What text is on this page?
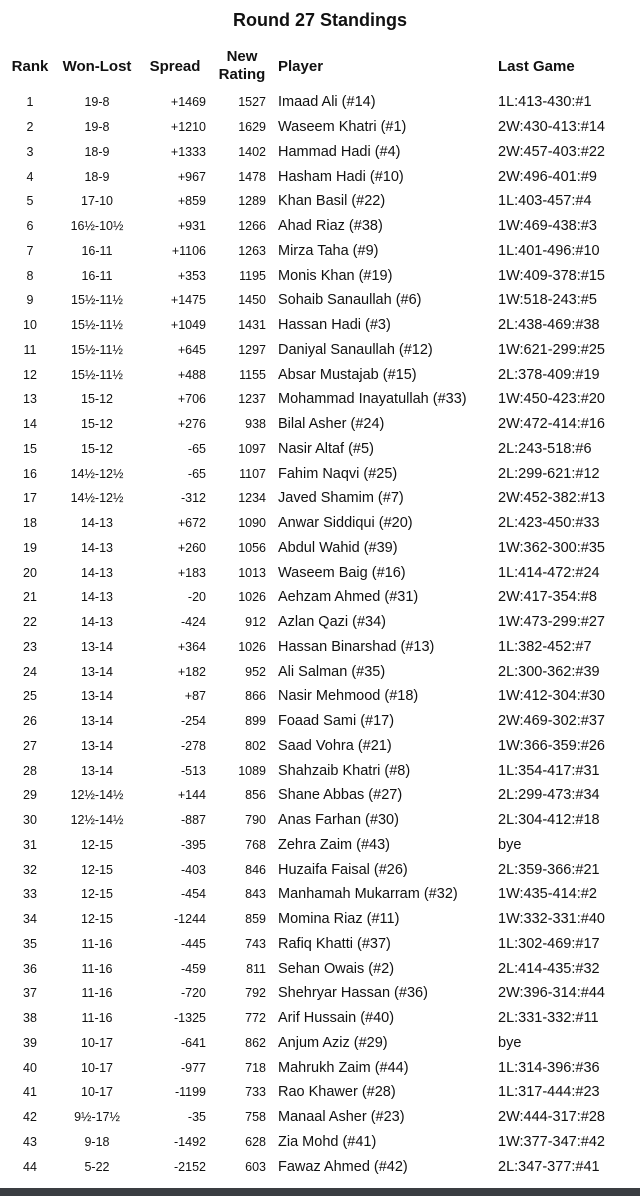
Round 27 Standings
Rank	Won-Lost	Spread	New
Rating	Player	Last Game
1	19-8	+1469	1527	Imaad Ali (#14)	1L:413-430:#1
2	19-8	+1210	1629	Waseem Khatri (#1)	2W:430-413:#14
3	18-9	+1333	1402	Hammad Hadi (#4)	2W:457-403:#22
4	18-9	+967	1478	Hasham Hadi (#10)	2W:496-401:#9
5	17-10	+859	1289	Khan Basil (#22)	1L:403-457:#4
6	16½-10½	+931	1266	Ahad Riaz (#38)	1W:469-438:#3
7	16-11	+1106	1263	Mirza Taha (#9)	1L:401-496:#10
8	16-11	+353	1195	Monis Khan (#19)	1W:409-378:#15
9	15½-11½	+1475	1450	Sohaib Sanaullah (#6)	1W:518-243:#5
10	15½-11½	+1049	1431	Hassan Hadi (#3)	2L:438-469:#38
11	15½-11½	+645	1297	Daniyal Sanaullah (#12)	1W:621-299:#25
12	15½-11½	+488	1155	Absar Mustajab (#15)	2L:378-409:#19
13	15-12	+706	1237	Mohammad Inayatullah (#33)	1W:450-423:#20
14	15-12	+276	938	Bilal Asher (#24)	2W:472-414:#16
15	15-12	-65	1097	Nasir Altaf (#5)	2L:243-518:#6
16	14½-12½	-65	1107	Fahim Naqvi (#25)	2L:299-621:#12
17	14½-12½	-312	1234	Javed Shamim (#7)	2W:452-382:#13
18	14-13	+672	1090	Anwar Siddiqui (#20)	2L:423-450:#33
19	14-13	+260	1056	Abdul Wahid (#39)	1W:362-300:#35
20	14-13	+183	1013	Waseem Baig (#16)	1L:414-472:#24
21	14-13	-20	1026	Aehzam Ahmed (#31)	2W:417-354:#8
22	14-13	-424	912	Azlan Qazi (#34)	1W:473-299:#27
23	13-14	+364	1026	Hassan Binarshad (#13)	1L:382-452:#7
24	13-14	+182	952	Ali Salman (#35)	2L:300-362:#39
25	13-14	+87	866	Nasir Mehmood (#18)	1W:412-304:#30
26	13-14	-254	899	Foaad Sami (#17)	2W:469-302:#37
27	13-14	-278	802	Saad Vohra (#21)	1W:366-359:#26
28	13-14	-513	1089	Shahzaib Khatri (#8)	1L:354-417:#31
29	12½-14½	+144	856	Shane Abbas (#27)	2L:299-473:#34
30	12½-14½	-887	790	Anas Farhan (#30)	2L:304-412:#18
31	12-15	-395	768	Zehra Zaim (#43)	bye
32	12-15	-403	846	Huzaifa Faisal (#26)	2L:359-366:#21
33	12-15	-454	843	Manhamah Mukarram (#32)	1W:435-414:#2
34	12-15	-1244	859	Momina Riaz (#11)	1W:332-331:#40
35	11-16	-445	743	Rafiq Khatti (#37)	1L:302-469:#17
36	11-16	-459	811	Sehan Owais (#2)	2L:414-435:#32
37	11-16	-720	792	Shehryar Hassan (#36)	2W:396-314:#44
38	11-16	-1325	772	Arif Hussain (#40)	2L:331-332:#11
39	10-17	-641	862	Anjum Aziz (#29)	bye
40	10-17	-977	718	Mahrukh Zaim (#44)	1L:314-396:#36
41	10-17	-1199	733	Rao Khawer (#28)	1L:317-444:#23
42	9½-17½	-35	758	Manaal Asher (#23)	2W:444-317:#28
43	9-18	-1492	628	Zia Mohd (#41)	1W:377-347:#42
44	5-22	-2152	603	Fawaz Ahmed (#42)	2L:347-377:#41
